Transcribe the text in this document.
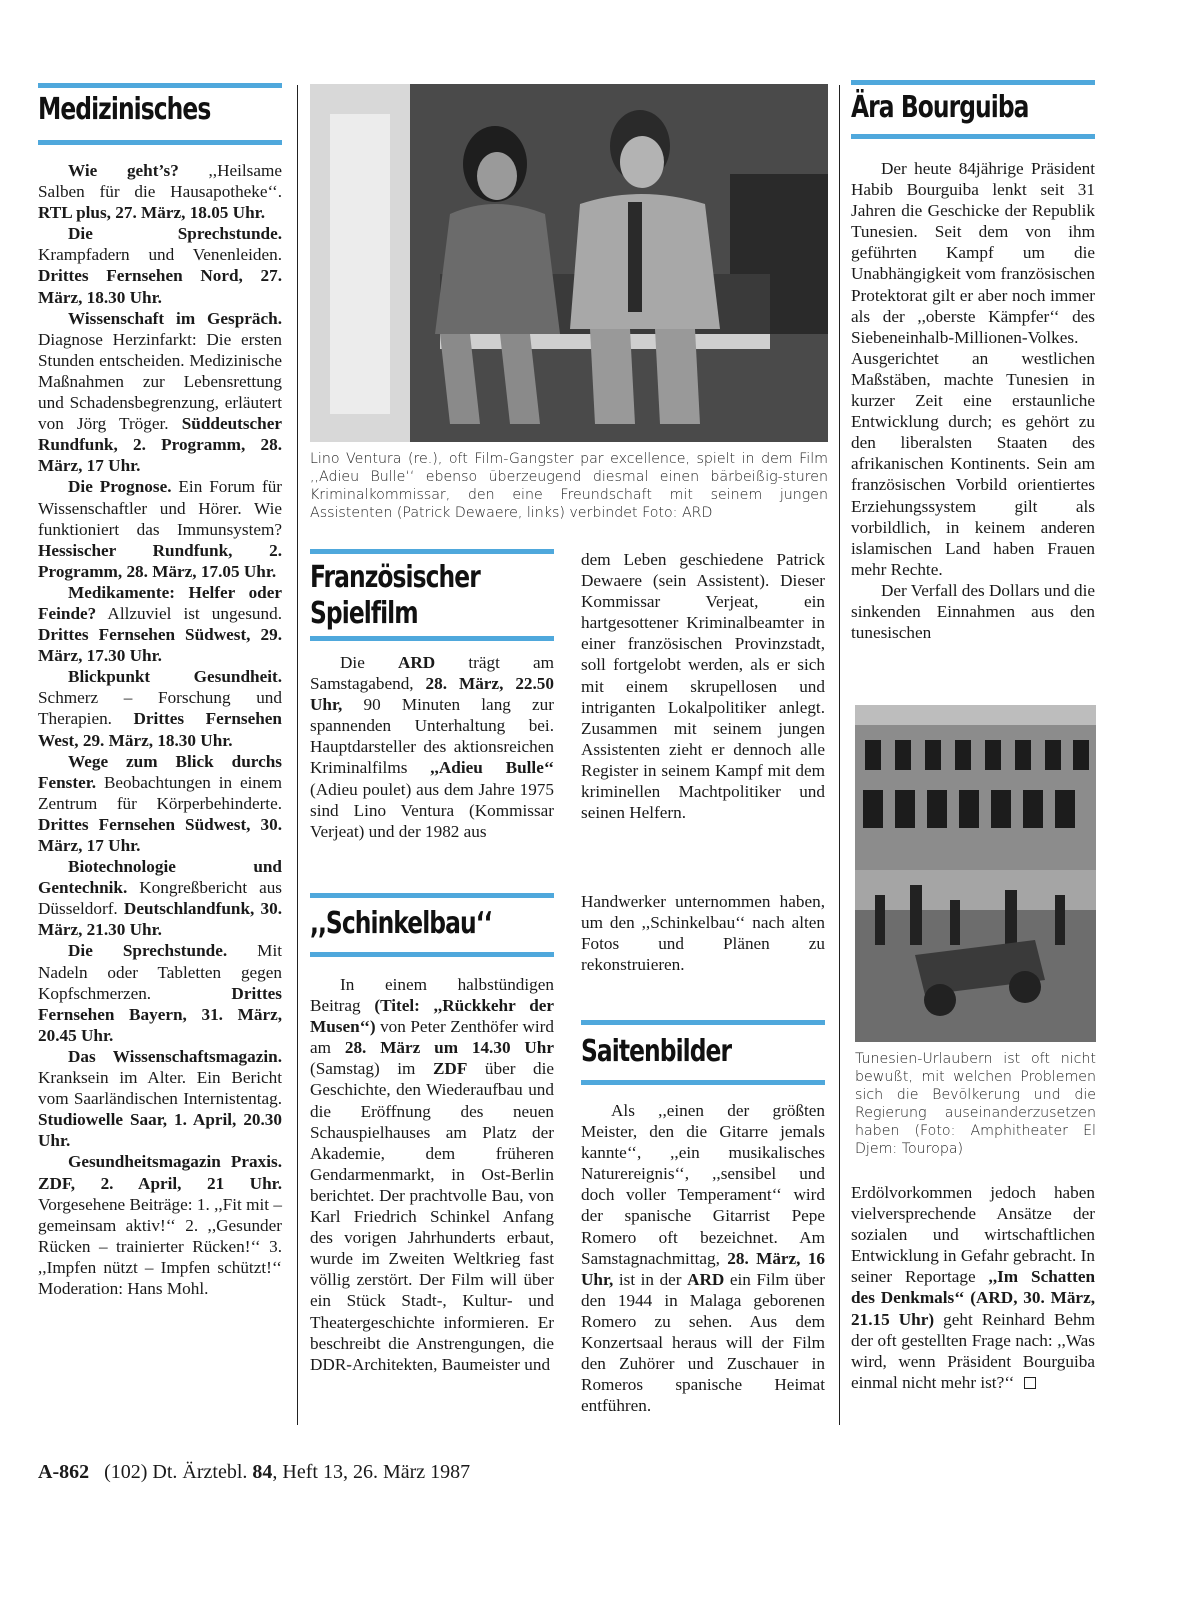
Medizinisches

Wie geht’s? ,,Heilsame Salben für die Hausapotheke‘‘. RTL plus, 27. März, 18.05 Uhr.

Die Sprechstunde. Krampfadern und Venenleiden. Drittes Fernsehen Nord, 27. März, 18.30 Uhr.

Wissenschaft im Gespräch. Diagnose Herzinfarkt: Die ersten Stunden entscheiden. Medizinische Maßnahmen zur Lebensrettung und Schadensbegrenzung, erläutert von Jörg Tröger. Süddeutscher Rundfunk, 2. Programm, 28. März, 17 Uhr.

Die Prognose. Ein Forum für Wissenschaftler und Hörer. Wie funktioniert das Immunsystem? Hessischer Rundfunk, 2. Programm, 28. März, 17.05 Uhr.

Medikamente: Helfer oder Feinde? Allzuviel ist ungesund. Drittes Fernsehen Südwest, 29. März, 17.30 Uhr.

Blickpunkt Gesundheit. Schmerz – Forschung und Therapien. Drittes Fernsehen West, 29. März, 18.30 Uhr.

Wege zum Blick durchs Fenster. Beobachtungen in einem Zentrum für Körperbehinderte. Drittes Fernsehen Südwest, 30. März, 17 Uhr.

Biotechnologie und Gentechnik. Kongreßbericht aus Düsseldorf. Deutschlandfunk, 30. März, 21.30 Uhr.

Die Sprechstunde. Mit Nadeln oder Tabletten gegen Kopfschmerzen. Drittes Fernsehen Bayern, 31. März, 20.45 Uhr.

Das Wissenschaftsmagazin. Kranksein im Alter. Ein Bericht vom Saarländischen Internistentag. Studiowelle Saar, 1. April, 20.30 Uhr.

Gesundheitsmagazin Praxis. ZDF, 2. April, 21 Uhr. Vorgesehene Beiträge: 1. ,,Fit mit – gemeinsam aktiv!‘‘ 2. ,,Gesunder Rücken – trainierter Rücken!‘‘ 3. ,,Impfen nützt – Impfen schützt!‘‘ Moderation: Hans Mohl.

Lino Ventura (re.), oft Film-Gangster par excellence, spielt in dem Film ,,Adieu Bulle‘‘ ebenso überzeugend diesmal einen bärbeißig-sturen Kriminalkommissar, den eine Freundschaft mit seinem jungen Assistenten (Patrick Dewaere, links) verbindet Foto: ARD
Französischer
Spielfilm

Die ARD trägt am Samstagabend, 28. März, 22.50 Uhr, 90 Minuten lang zur spannenden Unterhaltung bei. Hauptdarsteller des aktionsreichen Kriminalfilms ,,Adieu Bulle‘‘ (Adieu poulet) aus dem Jahre 1975 sind Lino Ventura (Kommissar Verjeat) und der 1982 aus

dem Leben geschiedene Patrick Dewaere (sein Assistent). Dieser Kommissar Verjeat, ein hartgesottener Kriminalbeamter in einer französischen Provinzstadt, soll fortgelobt werden, als er sich mit einem skrupellosen und intriganten Lokalpolitiker anlegt. Zusammen mit seinem jungen Assistenten zieht er dennoch alle Register in seinem Kampf mit dem kriminellen Machtpolitiker und seinen Helfern.

,,Schinkelbau‘‘

In einem halbstündigen Beitrag (Titel: ,,Rückkehr der Musen‘‘) von Peter Zenthöfer wird am 28. März um 14.30 Uhr (Samstag) im ZDF über die Geschichte, den Wiederaufbau und die Eröffnung des neuen Schauspielhauses am Platz der Akademie, dem früheren Gendarmenmarkt, in Ost-Berlin berichtet. Der prachtvolle Bau, von Karl Friedrich Schinkel Anfang des vorigen Jahrhunderts erbaut, wurde im Zweiten Weltkrieg fast völlig zerstört. Der Film will über ein Stück Stadt-, Kultur- und Theatergeschichte informieren. Er beschreibt die Anstrengungen, die DDR-Architekten, Baumeister und

Handwerker unternommen haben, um den ,,Schinkelbau‘‘ nach alten Fotos und Plänen zu rekonstruieren.

Saitenbilder

Als ,,einen der größten Meister, den die Gitarre jemals kannte‘‘, ,,ein musikalisches Naturereignis‘‘, ,,sensibel und doch voller Temperament‘‘ wird der spanische Gitarrist Pepe Romero oft bezeichnet. Am Samstagnachmittag, 28. März, 16 Uhr, ist in der ARD ein Film über den 1944 in Malaga geborenen Romero zu sehen. Aus dem Konzertsaal heraus will der Film den Zuhörer und Zuschauer in Romeros spanische Heimat entführen.

Ära Bourguiba

Der heute 84jährige Präsident Habib Bourguiba lenkt seit 31 Jahren die Geschicke der Republik Tunesien. Seit dem von ihm geführten Kampf um die Unabhängigkeit vom französischen Protektorat gilt er aber noch immer als der ,,oberste Kämpfer‘‘ des Siebeneinhalb-Millionen-Volkes. Ausgerichtet an westlichen Maßstäben, machte Tunesien in kurzer Zeit eine erstaunliche Entwicklung durch; es gehört zu den liberalsten Staaten des afrikanischen Kontinents. Sein am französischen Vorbild orientiertes Erziehungssystem gilt als vorbildlich, in keinem anderen islamischen Land haben Frauen mehr Rechte.

Der Verfall des Dollars und die sinkenden Einnahmen aus den tunesischen

Tunesien-Urlaubern ist oft nicht bewußt, mit welchen Problemen sich die Bevölkerung und die Regierung auseinanderzusetzen haben (Foto: Amphitheater El Djem: Touropa)

Erdölvorkommen jedoch haben vielversprechende Ansätze der sozialen und wirtschaftlichen Entwicklung in Gefahr gebracht. In seiner Reportage ,,Im Schatten des Denkmals‘‘ (ARD, 30. März, 21.15 Uhr) geht Reinhard Behm der oft gestellten Frage nach: ,,Was wird, wenn Präsident Bourguiba einmal nicht mehr ist?‘‘

A-862 (102) Dt. Ärztebl. 84, Heft 13, 26. März 1987
